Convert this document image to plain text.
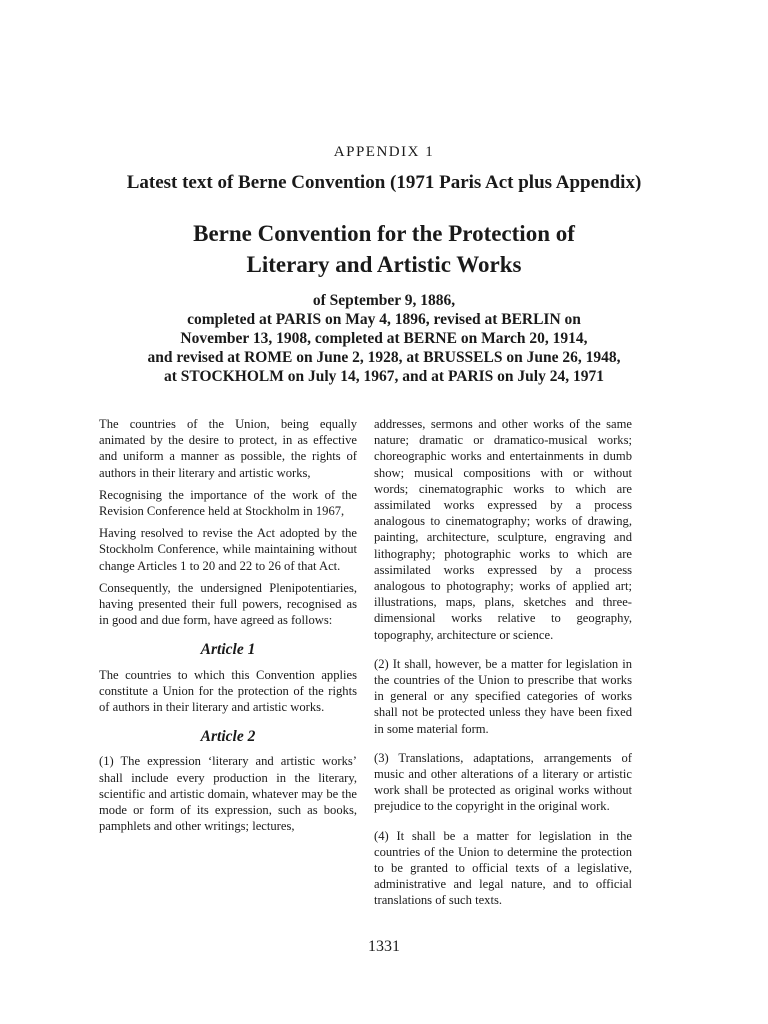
APPENDIX 1
Latest text of Berne Convention (1971 Paris Act plus Appendix)
Berne Convention for the Protection of
Literary and Artistic Works
of September 9, 1886,
completed at PARIS on May 4, 1896, revised at BERLIN on
November 13, 1908, completed at BERNE on March 20, 1914,
and revised at ROME on June 2, 1928, at BRUSSELS on June 26, 1948,
at STOCKHOLM on July 14, 1967, and at PARIS on July 24, 1971

The countries of the Union, being equally animated by the desire to protect, in as effective and uniform a manner as possible, the rights of authors in their literary and artistic works,

Recognising the importance of the work of the Revision Conference held at Stockholm in 1967,

Having resolved to revise the Act adopted by the Stockholm Conference, while maintaining without change Articles 1 to 20 and 22 to 26 of that Act.

Consequently, the undersigned Plenipotentiaries, having presented their full powers, recognised as in good and due form, have agreed as follows:

Article 1

The countries to which this Convention applies constitute a Union for the protection of the rights of authors in their literary and artistic works.

Article 2

(1) The expression ‘literary and artistic works’ shall include every production in the literary, scientific and artistic domain, whatever may be the mode or form of its expression, such as books, pamphlets and other writings; lectures,

addresses, sermons and other works of the same nature; dramatic or dramatico-musical works; choreographic works and entertainments in dumb show; musical compositions with or without words; cinematographic works to which are assimilated works expressed by a process analogous to cinematography; works of drawing, painting, architecture, sculpture, engraving and lithography; photographic works to which are assimilated works expressed by a process analogous to photography; works of applied art; illustrations, maps, plans, sketches and three-dimensional works relative to geography, topography, architecture or science.

(2) It shall, however, be a matter for legislation in the countries of the Union to prescribe that works in general or any specified categories of works shall not be protected unless they have been fixed in some material form.

(3) Translations, adaptations, arrangements of music and other alterations of a literary or artistic work shall be protected as original works without prejudice to the copyright in the original work.

(4) It shall be a matter for legislation in the countries of the Union to determine the protection to be granted to official texts of a legislative, administrative and legal nature, and to official translations of such texts.

1331
